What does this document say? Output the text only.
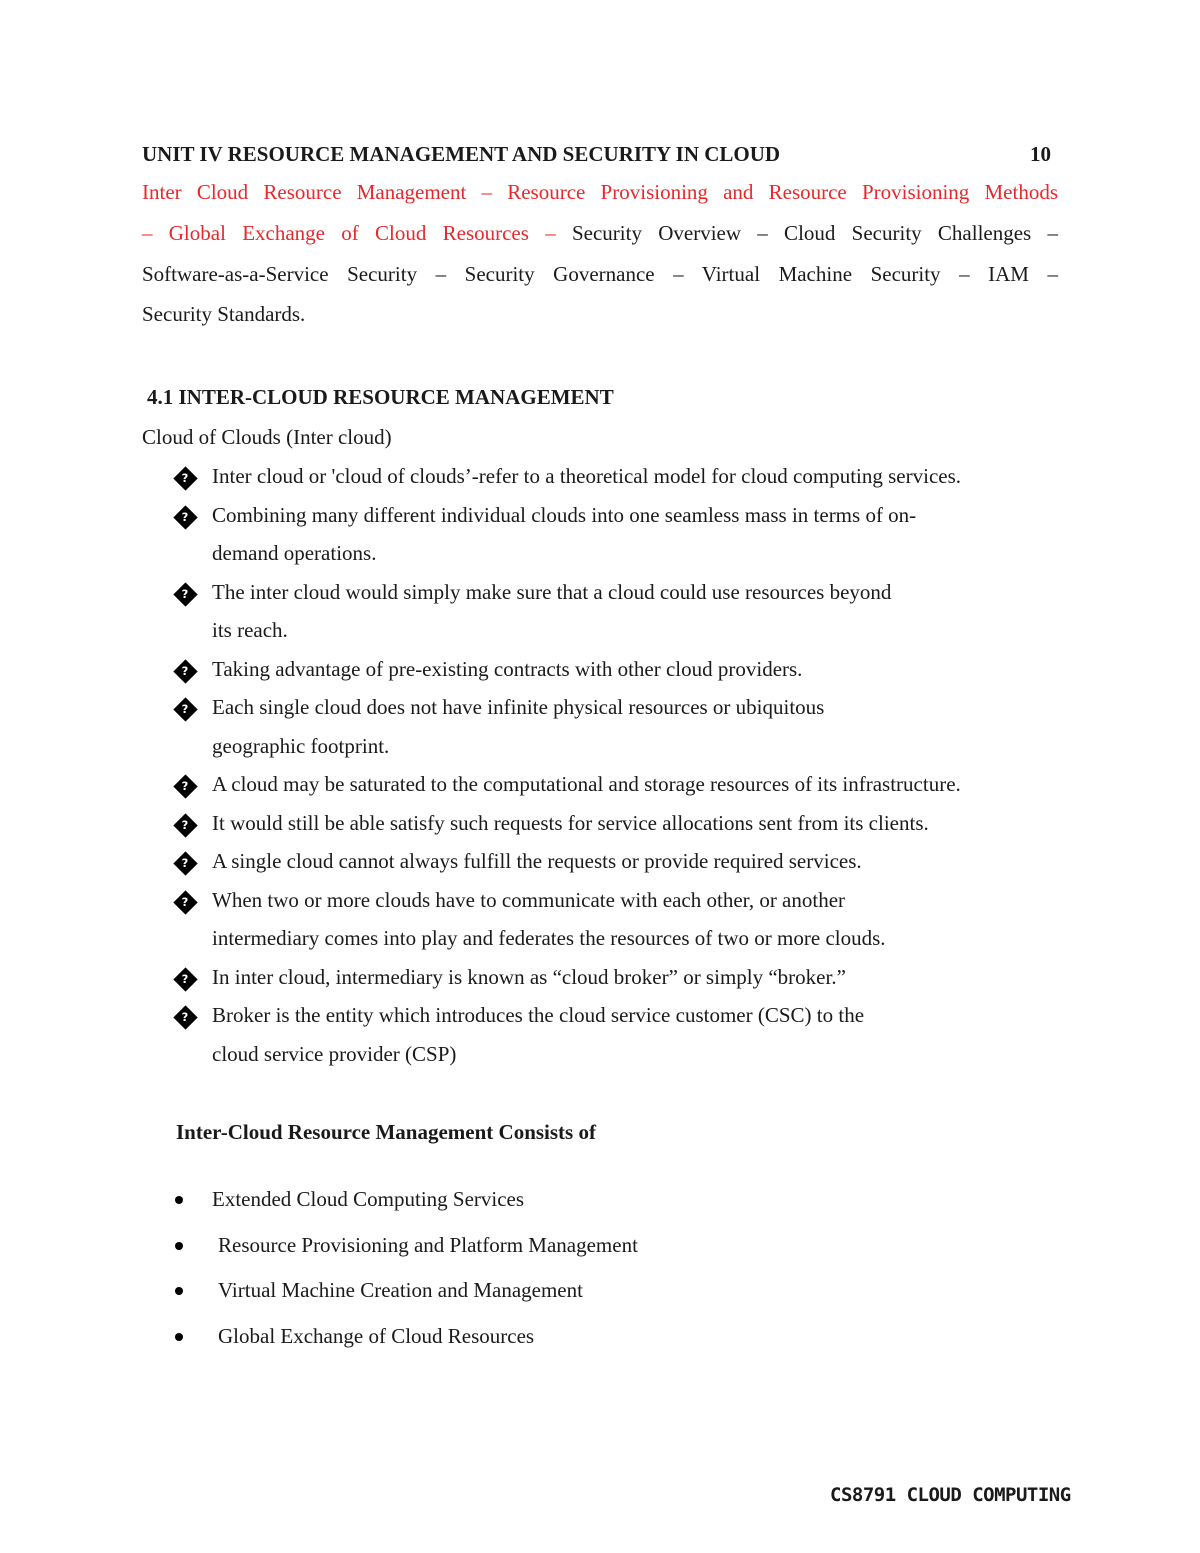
UNIT IV RESOURCE MANAGEMENT AND SECURITY IN CLOUD	10
Inter Cloud Resource Management – Resource Provisioning and Resource Provisioning Methods
– Global Exchange of Cloud Resources – Security Overview – Cloud Security Challenges –
Software-as-a-Service Security – Security Governance – Virtual Machine Security – IAM –
Security Standards.
4.1 INTER-CLOUD RESOURCE MANAGEMENT
Cloud of Clouds (Inter cloud)
? Inter cloud or 'cloud of clouds’-refer to a theoretical model for cloud computing services.
? Combining many different individual clouds into one seamless mass in terms of on-
demand operations.
? The inter cloud would simply make sure that a cloud could use resources beyond
its reach.
? Taking advantage of pre-existing contracts with other cloud providers.
? Each single cloud does not have infinite physical resources or ubiquitous
geographic footprint.
? A cloud may be saturated to the computational and storage resources of its infrastructure.
? It would still be able satisfy such requests for service allocations sent from its clients.
? A single cloud cannot always fulfill the requests or provide required services.
? When two or more clouds have to communicate with each other, or another
intermediary comes into play and federates the resources of two or more clouds.
? In inter cloud, intermediary is known as “cloud broker” or simply “broker.”
? Broker is the entity which introduces the cloud service customer (CSC) to the
cloud service provider (CSP)
Inter-Cloud Resource Management Consists of
Extended Cloud Computing Services
Resource Provisioning and Platform Management
Virtual Machine Creation and Management
Global Exchange of Cloud Resources
CS8791 CLOUD COMPUTING
